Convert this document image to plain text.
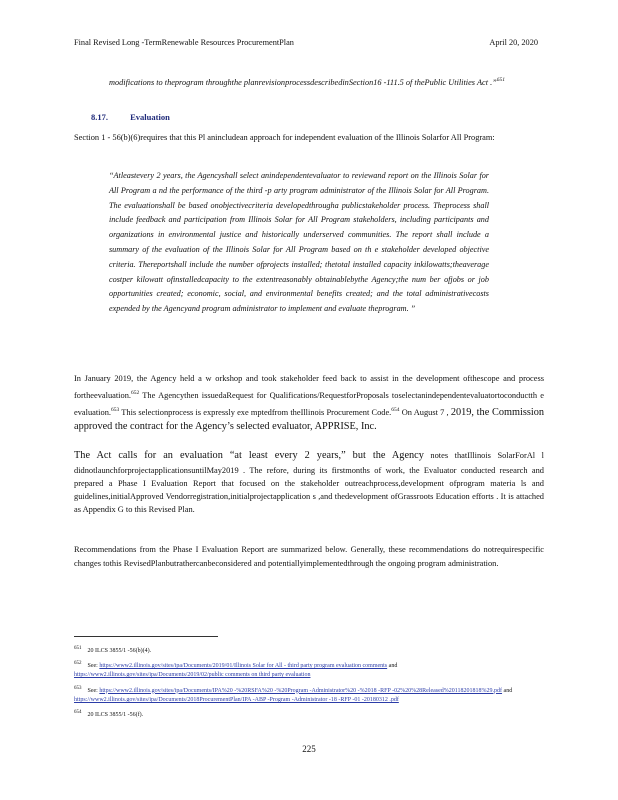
Final Revised Long -TermRenewable Resources ProcurementPlan	April 20, 2020
modifications to theprogram throughthe planrevisionprocessdescribedinSection16 -111.5 of thePublic Utilities Act .”$^{651}$
8.17.	Evaluation
Section 1 - 56(b)(6)requires that this Pl anincludean approach for independent evaluation of the Illinois Solarfor All Program:
“Atleastevery 2 years, the Agencyshall select anindependentevaluator to reviewand report on the Illinois Solar for All Program a nd the performance of the third -p arty program administrator of the Illinois Solar for All Program. The evaluationshall be based onobjectivecriteria developedthrougha publicstakeholder process. Theprocess shall include feedback and participation from Illinois Solar for All Program stakeholders, including participants and organizations in environmental justice and historically underserved communities. The report shall include a summary of the evaluation of the Illinois Solar for All Program based on th e stakeholder developed objective criteria. Thereportshall include the number ofprojects installed; thetotal installed capacity inkilowatts;theaverage costper kilowatt ofinstalledcapacity to the extentreasonably obtainablebythe Agency;the num ber ofjobs or job opportunities created; economic, social, and environmental benefits created; and the total administrativecosts expended by the Agencyand program administrator to implement and evaluate theprogram. ”
In January 2019, the Agency held a w orkshop and took stakeholder feed back to assist in the development ofthescope and process fortheevaluation.$^{652}$ The Agencythen issuedaRequest for Qualifications/RequestforProposals toselectanindependentevaluatortoconductth e evaluation.$^{653}$ This selectionprocess is expressly exe mptedfrom theIllinois Procurement Code.$^{654}$ On August 7 , 2019, the Commission approved the contract for the Agency’s selected evaluator, APPRISE, Inc.
The Act calls for an evaluation “at least every 2 years,” but the Agency notes thatIllinois SolarForAl l didnotlaunchforprojectapplicationsuntilMay2019 . The refore, during its firstmonths of work, the Evaluator conducted research and prepared a Phase I Evaluation Report that focused on the stakeholder outreachprocess,development ofprogram materia ls and guidelines,initialApproved Vendorregistration,initialprojectapplication s ,and thedevelopment ofGrassroots Education efforts . It is attached as Appendix G to this Revised Plan.
Recommendations from the Phase I Evaluation Report are summarized below. Generally, these recommendations do notrequirespecific changes tothis RevisedPlanbutrathercanbeconsidered and potentiallyimplementedthrough the ongoing program administration.
$^{651}$ 20 ILCS 3855/1 -56(b)(4).
$^{652}$ See: https://www2.illinois.gov/sites/ipa/Documents/2019/01/Illinois Solar for All - third party program evaluation comments and https://www2.illinois.gov/sites/ipa/Documents/2019/02/public comments on third party evaluation
$^{653}$ See: https://www2.illinois.gov/sites/ipa/Documents/IPA%20 -%20RSFA%20 -%20Program -Administrator%20 -%2018 -RFP -02%20%28Released%20118201818%29.pdf and https://www2.illinois.gov/sites/ipa/Documents/2018ProcurementPlan/IPA -ABP -Program -Administrator -18 -RFP -01 -20180312 .pdf
$^{654}$ 20 ILCS 3855/1 -56(f).
225
